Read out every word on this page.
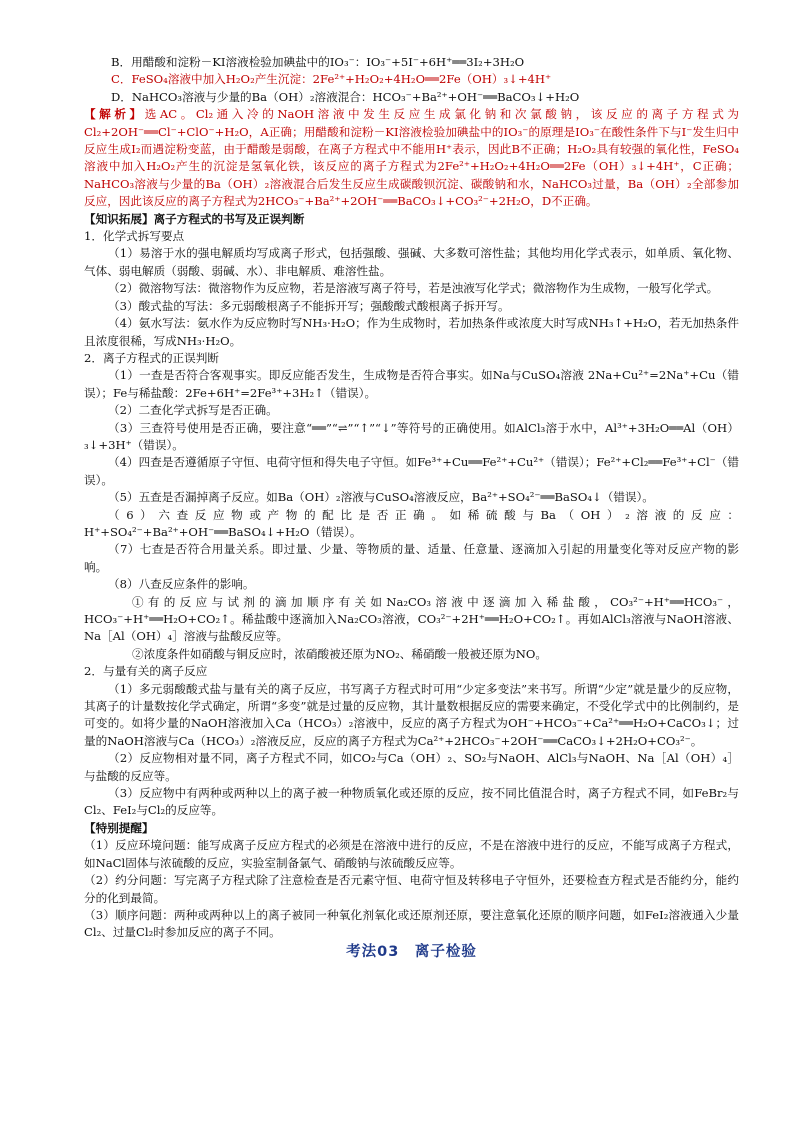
B．用醋酸和淀粉－KI溶液检验加碘盐中的IO₃⁻：IO₃⁻+5I⁻+6H⁺══3I₂+3H₂O

C．FeSO₄溶液中加入H₂O₂产生沉淀：2Fe²⁺+H₂O₂+4H₂O══2Fe（OH）₃↓+4H⁺

D．NaHCO₃溶液与少量的Ba（OH）₂溶液混合：HCO₃⁻+Ba²⁺+OH⁻══BaCO₃↓+H₂O

【解析】选AC。Cl₂通入冷的NaOH溶液中发生反应生成氯化钠和次氯酸钠，该反应的离子方程式为Cl₂+2OH⁻══Cl⁻+ClO⁻+H₂O，A正确；用醋酸和淀粉－KI溶液检验加碘盐中的IO₃⁻的原理是IO₃⁻在酸性条件下与I⁻发生归中反应生成I₂而遇淀粉变蓝，由于醋酸是弱酸，在离子方程式中不能用H⁺表示，因此B不正确；H₂O₂具有较强的氧化性，FeSO₄溶液中加入H₂O₂产生的沉淀是氢氧化铁，该反应的离子方程式为2Fe²⁺+H₂O₂+4H₂O══2Fe（OH）₃↓+4H⁺，C正确；NaHCO₃溶液与少量的Ba（OH）₂溶液混合后发生反应生成碳酸钡沉淀、碳酸钠和水，NaHCO₃过量，Ba（OH）₂全部参加反应，因此该反应的离子方程式为2HCO₃⁻+Ba²⁺+2OH⁻══BaCO₃↓+CO₃²⁻+2H₂O，D不正确。

【知识拓展】离子方程式的书写及正误判断

1．化学式拆写要点

（1）易溶于水的强电解质均写成离子形式，包括强酸、强碱、大多数可溶性盐；其他均用化学式表示，如单质、氧化物、气体、弱电解质（弱酸、弱碱、水）、非电解质、难溶性盐。

（2）微溶物写法：微溶物作为反应物，若是溶液写离子符号，若是浊液写化学式；微溶物作为生成物，一般写化学式。

（3）酸式盐的写法：多元弱酸根离子不能拆开写；强酸酸式酸根离子拆开写。

（4）氨水写法：氨水作为反应物时写NH₃·H₂O；作为生成物时，若加热条件或浓度大时写成NH₃↑+H₂O，若无加热条件且浓度很稀，写成NH₃·H₂O。

2．离子方程式的正误判断

（1）一查是否符合客观事实。即反应能否发生，生成物是否符合事实。如Na与CuSO₄溶液 2Na+Cu²⁺=2Na⁺+Cu（错误）；Fe与稀盐酸：2Fe+6H⁺=2Fe³⁺+3H₂↑（错误）。

（2）二查化学式拆写是否正确。

（3）三查符号使用是否正确，要注意“══”“⇌”“↑”“↓”等符号的正确使用。如AlCl₃溶于水中，Al³⁺+3H₂O══Al（OH）₃↓+3H⁺（错误）。

（4）四查是否遵循原子守恒、电荷守恒和得失电子守恒。如Fe³⁺+Cu══Fe²⁺+Cu²⁺（错误）；Fe²⁺+Cl₂══Fe³⁺+Cl⁻（错误）。

（5）五查是否漏掉离子反应。如Ba（OH）₂溶液与CuSO₄溶液反应，Ba²⁺+SO₄²⁻══BaSO₄↓（错误）。

（6）六查反应物或产物的配比是否正确。如稀硫酸与Ba（OH）₂溶液的反应：H⁺+SO₄²⁻+Ba²⁺+OH⁻══BaSO₄↓+H₂O（错误）。

（7）七查是否符合用量关系。即过量、少量、等物质的量、适量、任意量、逐滴加入引起的用量变化等对反应产物的影响。

（8）八查反应条件的影响。

①有的反应与试剂的滴加顺序有关如Na₂CO₃溶液中逐滴加入稀盐酸，CO₃²⁻+H⁺══HCO₃⁻，HCO₃⁻+H⁺══H₂O+CO₂↑。稀盐酸中逐滴加入Na₂CO₃溶液，CO₃²⁻+2H⁺══H₂O+CO₂↑。再如AlCl₃溶液与NaOH溶液、Na［Al（OH）₄］溶液与盐酸反应等。

②浓度条件如硝酸与铜反应时，浓硝酸被还原为NO₂、稀硝酸一般被还原为NO。

2．与量有关的离子反应

（1）多元弱酸酸式盐与量有关的离子反应，书写离子方程式时可用“少定多变法”来书写。所谓“少定”就是量少的反应物，其离子的计量数按化学式确定，所谓“多变”就是过量的反应物，其计量数根据反应的需要来确定，不受化学式中的比例制约，是可变的。如将少量的NaOH溶液加入Ca（HCO₃）₂溶液中，反应的离子方程式为OH⁻+HCO₃⁻+Ca²⁺══H₂O+CaCO₃↓；过量的NaOH溶液与Ca（HCO₃）₂溶液反应，反应的离子方程式为Ca²⁺+2HCO₃⁻+2OH⁻══CaCO₃↓+2H₂O+CO₃²⁻。

（2）反应物相对量不同，离子方程式不同，如CO₂与Ca（OH）₂、SO₂与NaOH、AlCl₃与NaOH、Na［Al（OH）₄］与盐酸的反应等。

（3）反应物中有两种或两种以上的离子被一种物质氧化或还原的反应，按不同比值混合时，离子方程式不同，如FeBr₂与Cl₂、FeI₂与Cl₂的反应等。

【特别提醒】

（1）反应环境问题：能写成离子反应方程式的必须是在溶液中进行的反应，不是在溶液中进行的反应，不能写成离子方程式，如NaCl固体与浓硫酸的反应，实验室制备氯气、硝酸钠与浓硫酸反应等。

（2）约分问题：写完离子方程式除了注意检查是否元素守恒、电荷守恒及转移电子守恒外，还要检查方程式是否能约分，能约分的化到最简。

（3）顺序问题：两种或两种以上的离子被同一种氧化剂氧化或还原剂还原，要注意氧化还原的顺序问题，如FeI₂溶液通入少量Cl₂、过量Cl₂时参加反应的离子不同。

考法03　离子检验
